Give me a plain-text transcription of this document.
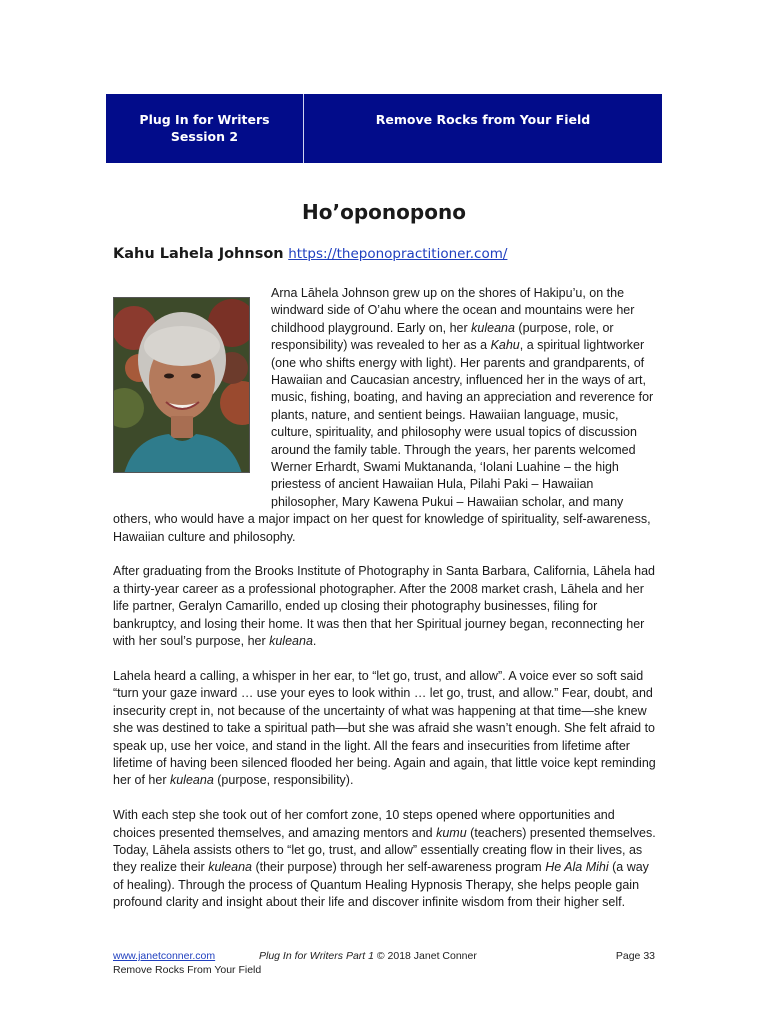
Plug In for Writers
Session 2
Remove Rocks from Your Field
Ho’oponopono
Kahu Lahela Johnson https://theponopractitioner.com/

Arna Lāhela Johnson grew up on the shores of Hakipu’u, on the windward side of O’ahu where the ocean and mountains were her childhood playground. Early on, her kuleana (purpose, role, or responsibility) was revealed to her as a Kahu, a spiritual lightworker (one who shifts energy with light). Her parents and grandparents, of Hawaiian and Caucasian ancestry, influenced her in the ways of art, music, fishing, boating, and having an appreciation and reverence for plants, nature, and sentient beings. Hawaiian language, music, culture, spirituality, and philosophy were usual topics of discussion around the family table. Through the years, her parents welcomed Werner Erhardt, Swami Muktananda, ‘Iolani Luahine – the high priestess of ancient Hawaiian Hula, Pilahi Paki – Hawaiian philosopher, Mary Kawena Pukui – Hawaiian scholar, and many others, who would have a major impact on her quest for knowledge of spirituality, self-awareness, Hawaiian culture and philosophy.

After graduating from the Brooks Institute of Photography in Santa Barbara, California, Lāhela had a thirty-year career as a professional photographer. After the 2008 market crash, Lāhela and her life partner, Geralyn Camarillo, ended up closing their photography businesses, filing for bankruptcy, and losing their home. It was then that her Spiritual journey began, reconnecting her with her soul’s purpose, her kuleana.

Lahela heard a calling, a whisper in her ear, to “let go, trust, and allow”. A voice ever so soft said “turn your gaze inward … use your eyes to look within … let go, trust, and allow.” Fear, doubt, and insecurity crept in, not because of the uncertainty of what was happening at that time—she knew she was destined to take a spiritual path—but she was afraid she wasn’t enough. She felt afraid to speak up, use her voice, and stand in the light. All the fears and insecurities from lifetime after lifetime of having been silenced flooded her being. Again and again, that little voice kept reminding her of her kuleana (purpose, responsibility).

With each step she took out of her comfort zone, 10 steps opened where opportunities and choices presented themselves, and amazing mentors and kumu (teachers) presented themselves. Today, Lāhela assists others to “let go, trust, and allow” essentially creating flow in their lives, as they realize their kuleana (their purpose) through her self-awareness program He Ala Mihi (a way of healing). Through the process of Quantum Healing Hypnosis Therapy, she helps people gain profound clarity and insight about their life and discover infinite wisdom from their higher self.

www.janetconner.com	Plug In for Writers Part 1 © 2018 Janet Conner	Page 33
Remove Rocks From Your Field
